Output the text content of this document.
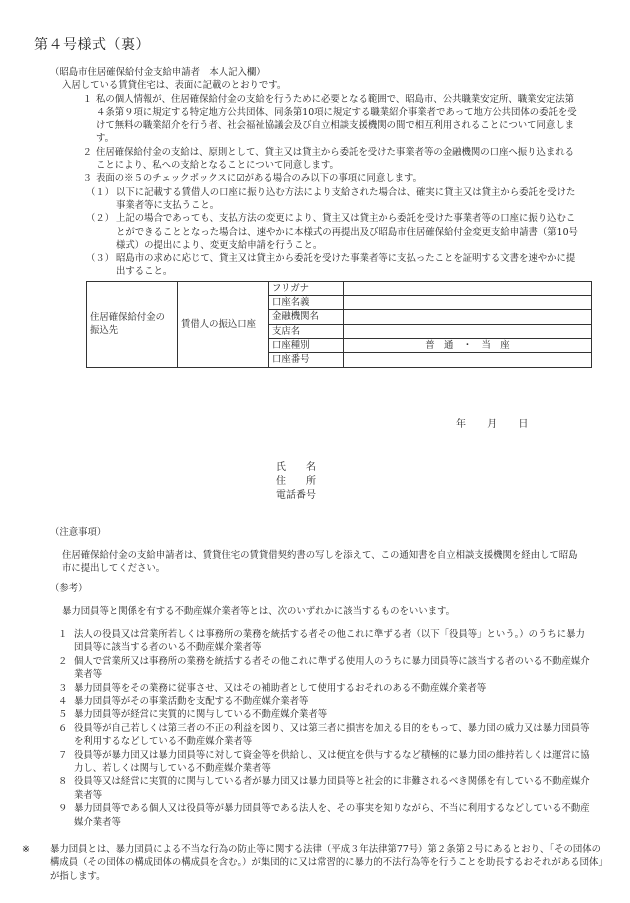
第４号様式（裏）

（昭島市住居確保給付金支給申請者　本人記入欄）

入居している賃貸住宅は、表面に記載のとおりです。

１ 私の個人情報が、住居確保給付金の支給を行うために必要となる範囲で、昭島市、公共職業安定所、職業安定法第４条第９項に規定する特定地方公共団体、同条第10項に規定する職業紹介事業者であって地方公共団体の委託を受けて無料の職業紹介を行う者、社会福祉協議会及び自立相談支援機関の間で相互利用されることについて同意します。
２ 住居確保給付金の支給は、原則として、貸主又は貸主から委託を受けた事業者等の金融機関の口座へ振り込まれることにより、私への支給となることについて同意します。
３ 表面の※５のチェックボックスに☑がある場合のみ以下の事項に同意します。
（１） 以下に記載する賃借人の口座に振り込む方法により支給された場合は、確実に貸主又は貸主から委託を受けた事業者等に支払うこと。
（２） 上記の場合であっても、支払方法の変更により、貸主又は貸主から委託を受けた事業者等の口座に振り込むことができることとなった場合は、速やかに本様式の再提出及び昭島市住居確保給付金変更支給申請書（第10号様式）の提出により、変更支給申請を行うこと。
（３） 昭島市の求めに応じて、貸主又は貸主から委託を受けた事業者等に支払ったことを証明する文書を速やかに提出すること。
住居確保給付金の振込先	賃借人の振込口座	フリガナ	
		口座名義	
		金融機関名	
		支店名	
		口座種別	普　通　・　当　座

		口座番号	
年 月 日
氏　　名
住　　所
電話番号

（注意事項）

住居確保給付金の支給申請者は、賃貸住宅の賃貸借契約書の写しを添えて、この通知書を自立相談支援機関を経由して昭島市に提出してください。

（参考）

暴力団員等と関係を有する不動産媒介業者等とは、次のいずれかに該当するものをいいます。

１ 法人の役員又は営業所若しくは事務所の業務を統括する者その他これに準ずる者（以下「役員等」という。）のうちに暴力団員等に該当する者のいる不動産媒介業者等
２ 個人で営業所又は事務所の業務を統括する者その他これに準ずる使用人のうちに暴力団員等に該当する者のいる不動産媒介業者等
３ 暴力団員等をその業務に従事させ、又はその補助者として使用するおそれのある不動産媒介業者等
４ 暴力団員等がその事業活動を支配する不動産媒介業者等
５ 暴力団員等が経営に実質的に関与している不動産媒介業者等
６ 役員等が自己若しくは第三者の不正の利益を図り、又は第三者に損害を加える目的をもって、暴力団の威力又は暴力団員等を利用するなどしている不動産媒介業者等
７ 役員等が暴力団又は暴力団員等に対して資金等を供給し、又は便宜を供与するなど積極的に暴力団の維持若しくは運営に協力し、若しくは関与している不動産媒介業者等
８ 役員等又は経営に実質的に関与している者が暴力団又は暴力団員等と社会的に非難されるべき関係を有している不動産媒介業者等
９ 暴力団員等である個人又は役員等が暴力団員等である法人を、その事実を知りながら、不当に利用するなどしている不動産媒介業者等
※	暴力団員とは、暴力団員による不当な行為の防止等に関する法律（平成３年法律第77号）第２条第２号にあるとおり、「その団体の構成員（その団体の構成団体の構成員を含む。）が集団的に又は常習的に暴力的不法行為等を行うことを助長するおそれがある団体」が指します。
